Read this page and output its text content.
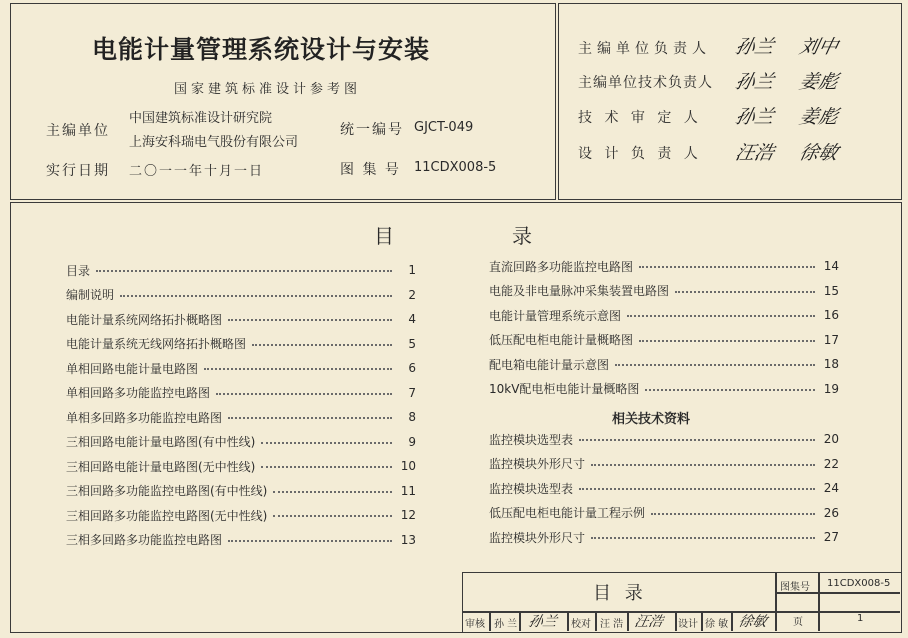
电能计量管理系统设计与安装
国家建筑标准设计参考图
主编单位
中国建筑标准设计研究院
上海安科瑞电气股份有限公司
统一编号 GJCT-049
实行日期 二〇一一年十月一日	图 集 号 11CDX008-5
主编单位负责人 孙兰 刘中
主编单位技术负责人 孙兰 姜彪
技 术 审 定 人 孙兰 姜彪
设 计 负 责 人 汪浩 徐敏
目	录
目录	1
编制说明	2
电能计量系统网络拓扑概略图	4
电能计量系统无线网络拓扑概略图	5
单相回路电能计量电路图	6
单相回路多功能监控电路图	7
单相多回路多功能监控电路图	8
三相回路电能计量电路图(有中性线)	9
三相回路电能计量电路图(无中性线)	10
三相回路多功能监控电路图(有中性线)	11
三相回路多功能监控电路图(无中性线)	12
三相多回路多功能监控电路图	13
直流回路多功能监控电路图	14
电能及非电量脉冲采集装置电路图	15
电能计量管理系统示意图	16
低压配电柜电能计量概略图	17
配电箱电能计量示意图	18
10kV配电柜电能计量概略图	19
相关技术资料
监控模块选型表	20
监控模块外形尺寸	22
监控模块选型表	24
低压配电柜电能计量工程示例	26
监控模块外形尺寸	27
目 录	图集号 11CDX008-5
页	1
审核 孙 兰 孙兰 校对 汪 浩 汪浩 设计 徐 敏 徐敏
